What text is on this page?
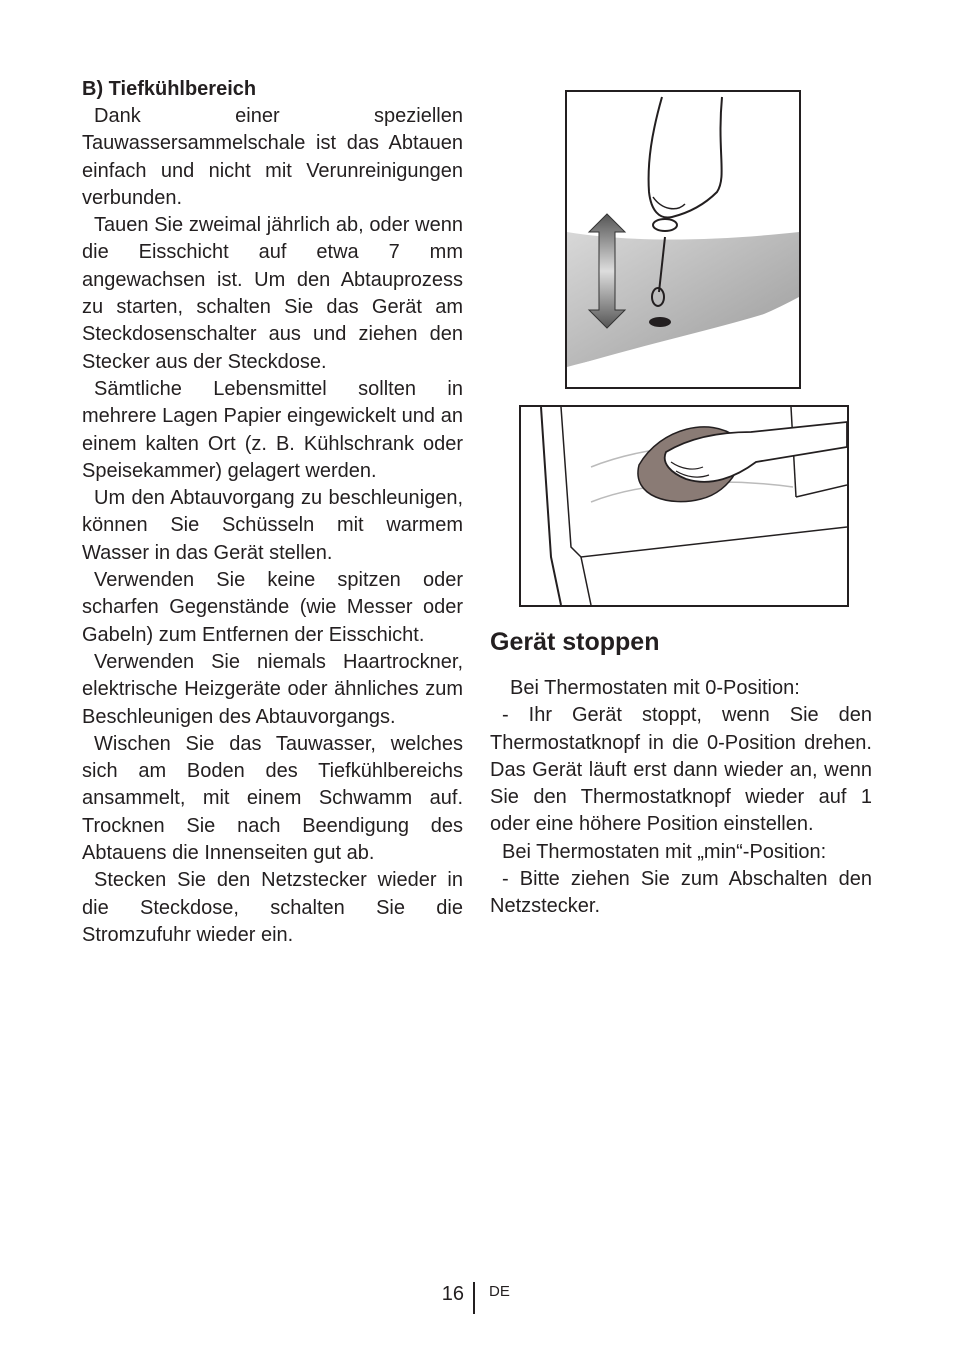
B) Tiefkühlbereich

Dank einer speziellen Tauwassersammelschale ist das Abtauen einfach und nicht mit Verunreinigungen verbunden.

Tauen Sie zweimal jährlich ab, oder wenn die Eisschicht auf etwa 7 mm angewachsen ist. Um den Abtauprozess zu starten, schalten Sie das Gerät am Steckdosenschalter aus und ziehen den Stecker aus der Steckdose.

Sämtliche Lebensmittel sollten in mehrere Lagen Papier eingewickelt und an einem kalten Ort (z. B. Kühlschrank oder Speisekammer) gelagert werden.

Um den Abtauvorgang zu beschleunigen, können Sie Schüsseln mit warmem Wasser in das Gerät stellen.

Verwenden Sie keine spitzen oder scharfen Gegenstände (wie Messer oder Gabeln) zum Entfernen der Eisschicht.

Verwenden Sie niemals Haartrockner, elektrische Heizgeräte oder ähnliches zum Beschleunigen des Abtauvorgangs.

Wischen Sie das Tauwasser, welches sich am Boden des Tiefkühlbereichs ansammelt, mit einem Schwamm auf. Trocknen Sie nach Beendigung des Abtauens die Innenseiten gut ab.

Stecken Sie den Netzstecker wieder in die Steckdose, schalten Sie die Stromzufuhr wieder ein.

Gerät stoppen

Bei Thermostaten mit 0-Position:

- Ihr Gerät stoppt, wenn Sie den Thermostatknopf in die 0-Position drehen. Das Gerät läuft erst dann wieder an, wenn Sie den Thermostatknopf wieder auf 1 oder eine höhere Position einstellen.

Bei Thermostaten mit „min“-Position:

- Bitte ziehen Sie zum Abschalten den Netzstecker.

16 DE
